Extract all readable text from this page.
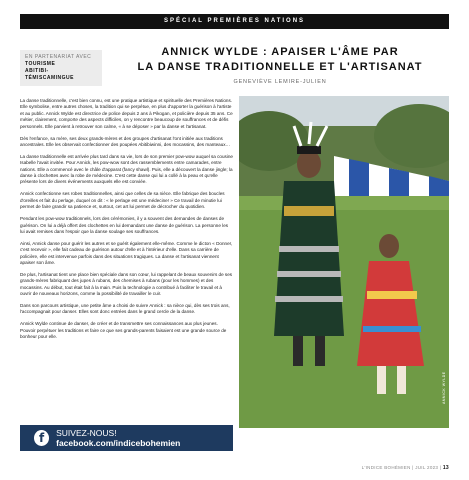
SPÉCIAL PREMIÈRES NATIONS
EN PARTENARIAT AVEC
TOURISME
ABITIBI-TÉMISCAMINGUE
ANNICK WYLDE : APAISER L'ÂME PAR
LA DANSE TRADITIONNELLE ET L'ARTISANAT
GENEVIÈVE LEMIRE-JULIEN

La danse traditionnelle, c'est bien connu, est une pratique artistique et spirituelle des Premières Nations. Elle symbolise, entre autres choses, la tradition qui se perpétue, en plus d'apporter la guérison à l'artiste et au public. Annick Wylde est directrice de police depuis 2 ans à Pikogan, et policière depuis 35 ans. Ce métier, clairement, comporte des aspects difficiles, on y rencontre beaucoup de souffrances et de défis personnels. Elle parvient à retrouver son calme, « à se déposer » par la danse et l'artisanat.

Dès l'enfance, sa mère, ses deux grands-mères et des groupes d'artisanat l'ont initiée aux traditions ancestrales. Elle les observait confectionner des poupées Abitibiwinni, des mocassins, des manteaux…

La danse traditionnelle est arrivée plus tard dans sa vie, lors de son premier pow-wow auquel sa cousine Isabelle l'avait invitée. Pour Annick, les pow-wow sont des rassemblements entre camarades, entre nations. Elle a commencé avec le châle d'apparat (fancy shawl). Puis, elle a découvert la danse jingle; la danse à clochettes avec la robe de médecine. C'est cette danse qui lui a collé à la peau et qu'elle présente lors de divers événements auxquels elle est conviée.

Annick confectionne ses robes traditionnelles, ainsi que celles de sa nièce. Elle fabrique des boucles d'oreilles et fait du perlage, duquel on dit : « le perlage est une médecine! » Ce travail de minutie lui permet de faire grandir sa patience et, surtout, cet art lui permet de décrocher du quotidien.

Pendant les pow-wow traditionnels, lors des cérémonies, il y a souvent des demandes de danses de guérison. On lui a déjà offert des clochettes en lui demandant une danse de guérison. La personne les lui avait remises dans l'espoir que la danse soulage ses souffrances.

Ainsi, Annick danse pour guérir les autres et se guérit également elle-même. Comme le dicton « Donner, c'est recevoir », elle fait cadeau de guérison autour d'elle et à l'intérieur d'elle. Dans sa carrière de policière, elle est intervenue parfois dans des situations tragiques. La danse et l'artisanat viennent apaiser son âme.

De plus, l'artisanat tient une place bien spéciale dans son cœur, lui rappelant de beaux souvenirs de ses grands-mères fabriquant des jupes à rubans, des chemises à rubans (pour les hommes) et des mocassins. Au début, tout était fait à la main. Puis la technologie a contribué à faciliter le travail et à ouvrir de nouveaux horizons, comme la possibilité de travailler le cuir.

Dans son parcours artistique, une petite âme a choisi de suivre Annick : sa nièce qui, dès ses trois ans, l'accompagnait pour danser. Elles sont donc entrées dans le grand cercle de la danse.

Annick Wylde continue de danser, de créer et de transmettre ses connaissances aux plus jeunes. Pouvoir perpétuer les traditions et faire ce que ses grands-parents faisaient est une grande source de bonheur pour elle.

ANNICK WYLDE
f	SUIVEZ-NOUS! facebook.com/indicebohemien
L'INDICE BOHÉMIEN | JUIL 2023 | 13
